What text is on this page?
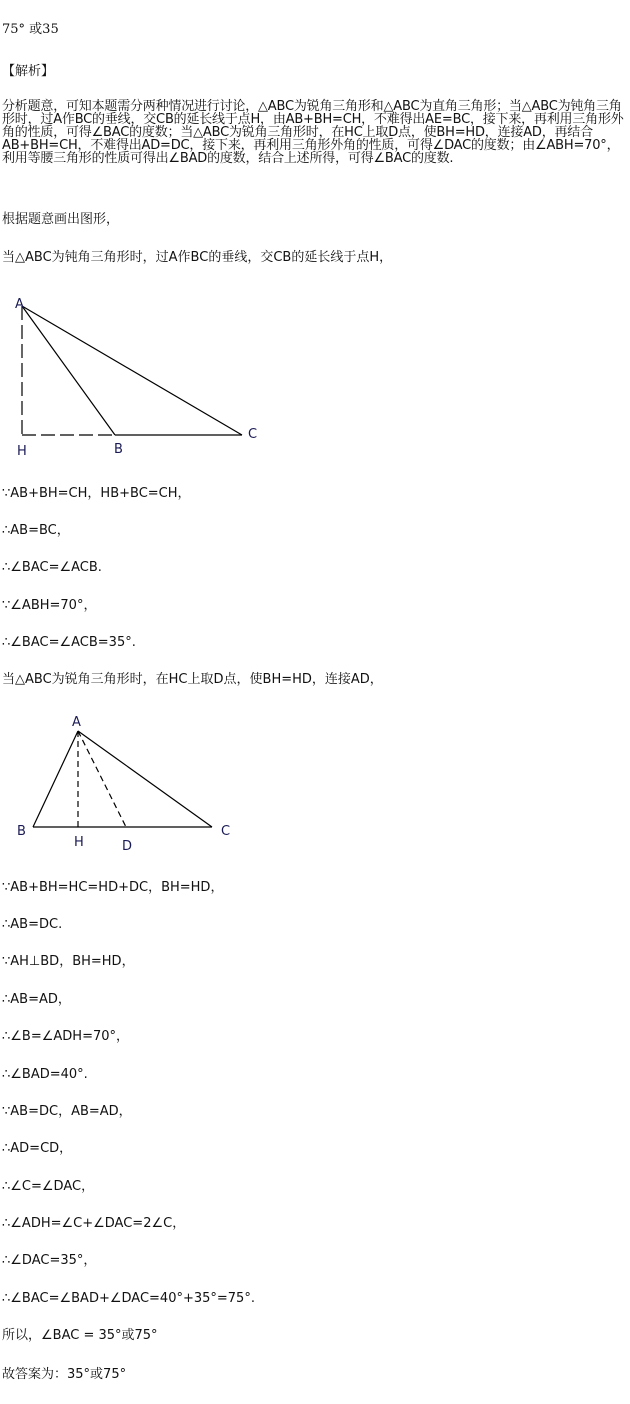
75° 或35
【解析】
分析题意，可知本题需分两种情况进行讨论，△ABC为锐角三角形和△ABC为直角三角形；当△ABC为钝角三角形时，过A作BC的垂线，交CB的延长线于点H，由AB+BH=CH，不难得出AE=BC，接下来，再利用三角形外角的性质，可得∠BAC的度数；当△ABC为锐角三角形时，在HC上取D点，使BH=HD，连接AD，再结合AB+BH=CH，不难得出AD=DC，接下来，再利用三角形外角的性质，可得∠DAC的度数；由∠ABH=70°，利用等腰三角形的性质可得出∠BAD的度数，结合上述所得，可得∠BAC的度数.
根据题意画出图形，
当△ABC为钝角三角形时，过A作BC的垂线，交CB的延长线于点H，
A
H	B
C
∵AB+BH=CH，HB+BC=CH，
∴AB=BC，
∴∠BAC=∠ACB.
∵∠ABH=70°，
∴∠BAC=∠ACB=35°.
当△ABC为锐角三角形时，在HC上取D点，使BH=HD，连接AD，
A
B
H	D
C
∵AB+BH=HC=HD+DC，BH=HD，
∴AB=DC.
∵AH⊥BD，BH=HD，
∴AB=AD，
∴∠B=∠ADH=70°，
∴∠BAD=40°.
∵AB=DC，AB=AD，
∴AD=CD，
∴∠C=∠DAC，
∴∠ADH=∠C+∠DAC=2∠C，
∴∠DAC=35°，
∴∠BAC=∠BAD+∠DAC=40°+35°=75°.
所以，∠BAC = 35°或75°
故答案为：35°或75°
